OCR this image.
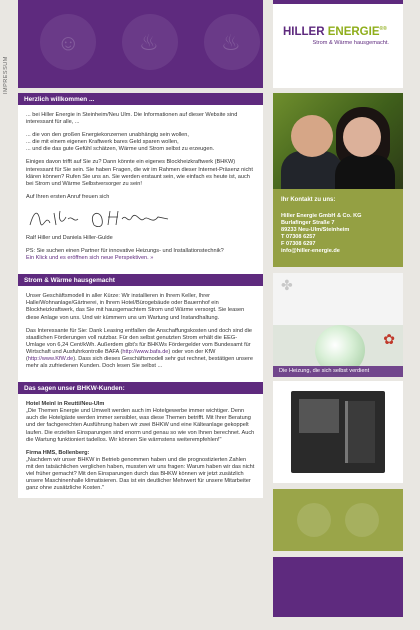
IMPRESSUM
☺	♨	♨	HILLER ENERGIE®®
Strom & Wärme hausgemacht.
Herzlich willkommen ...

... bei Hiller Energie in Steinheim/Neu Ulm. Die Informationen auf dieser Website sind interessant für alle, ...

... die von den großen Energiekonzernen unabhängig sein wollen,
... die mit einem eigenen Kraftwerk bares Geld sparen wollen,
... und die das gute Gefühl schätzen, Wärme und Strom selbst zu erzeugen.

Einiges davon trifft auf Sie zu? Dann könnte ein eigenes Blockheizkraftwerk (BHKW) interessant für Sie sein. Sie haben Fragen, die wir im Rahmen dieser Internet-Präsenz nicht klären können? Rufen Sie uns an. Sie werden erstaunt sein, wie einfach es heute ist, auch bei Strom und Wärme Selbstversorger zu sein!

Auf Ihren ersten Anruf freuen sich

Ralf Hiller und Daniela Hiller-Gulde

PS: Sie suchen einen Partner für innovative Heizungs- und Installationstechnik?

Ein Klick und es eröffnen sich neue Perspektiven. »

Strom & Wärme hausgemacht

Unser Geschäftsmodell in aller Kürze: Wir installieren in Ihrem Keller, Ihrer Halle/Wohnanlage/Gärtnerei, in Ihrem Hotel/Bürogebäude oder Bauernhof ein Blockheizkraftwerk, das Sie mit hausgemachtem Strom und Wärme versorgt. Sie leasen diese Anlage von uns. Und wir kümmern uns um Wartung und Instandhaltung.

Das Interessante für Sie: Dank Leasing entfallen die Anschaffungskosten und doch sind die staatlichen Förderungen voll nutzbar. Für den selbst genutzten Strom erhält die EEG-Umlage von 6,24 Cent/kWh. Außerdem gibt's für BHKWs Fördergelder vom Bundesamt für Wirtschaft und Ausfuhrkontrolle BAFA (http://www.bafa.de) oder von der KfW (http://www.KfW.de). Dass sich dieses Geschäftsmodell sehr gut rechnet, bestätigen unsere mehr als zufriedenen Kunden. Doch lesen Sie selbst ...

Das sagen unser BHKW-Kunden:

Hotel Meinl in Reutti/Neu-Ulm

„Die Themen Energie und Umwelt werden auch im Hotelgewerbe immer wichtiger. Denn auch die Hotelgäste werden immer sensibler, was diese Themen betrifft. Mit Ihrer Beratung und der fachgerechten Ausführung haben wir zwei BHKW und eine Kälteanlage gekoppelt laufen. Die erzielten Einsparungen sind enorm und genau so wie von Ihnen berechnet. Auch die Wartung funktioniert tadellos. Wir können Sie wärmstens weiterempfehlen!"

Firma HMS, Bollenberg:

„Nachdem wir unser BHKW in Betrieb genommen haben und die prognostizierten Zahlen mit den tatsächlichen verglichen haben, mussten wir uns fragen: Warum haben wir das nicht viel früher gemacht? Mit den Einsparungen durch das BHKW können wir jetzt zusätzlich unsere Maschinenhalle klimatisieren. Das ist ein deutlicher Mehrwert für unsere Mitarbeiter ganz ohne zusätzliche Kosten."

Ihr Kontakt zu uns:
Hiller Energie GmbH & Co. KG
Burlafinger Straße 7
89233 Neu-Ulm/Steinheim
T 07308 6257
F 07308 6297
info@hiller-energie.de
✤
✿
Die Heizung, die sich selbst verdient
